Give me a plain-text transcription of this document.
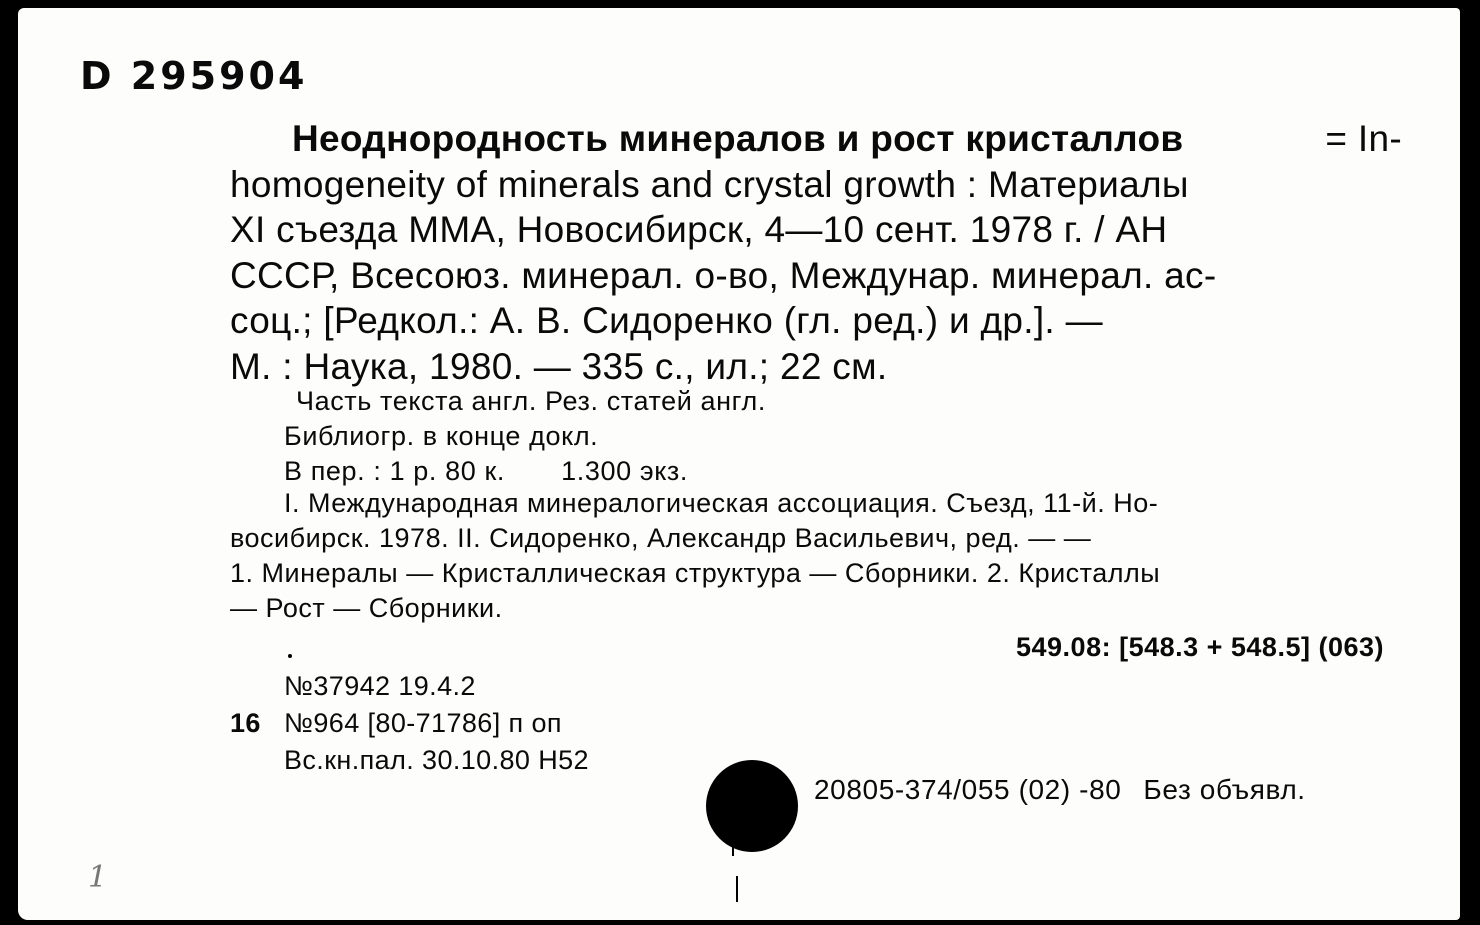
D 295904
Неоднородность минералов и рост кристаллов	= In-
homogeneity of minerals and crystal growth : Материалы
XI съезда ММА, Новосибирск, 4—10 сент. 1978 г. / АН
СССР, Всесоюз. минерал. о-во, Междунар. минерал. ас-
соц.; [Редкол.: А. В. Сидоренко (гл. ред.) и др.]. —
М. : Наука, 1980. — 335 с., ил.; 22 см.
Часть текста англ. Рез. статей англ.
Библиогр. в конце докл.
В пер. : 1 р. 80 к. 1.300 экз.
I. Международная минералогическая ассоциация. Съезд, 11-й. Но-
восибирск. 1978. II. Сидоренко, Александр Васильевич, ред. — —
1. Минералы — Кристаллическая структура — Сборники. 2. Кристаллы
— Рост — Сборники.
549.08: [548.3 + 548.5] (063)
№37942 19.4.2
16 №964 [80-71786] п оп
Вс.кн.пал. 30.10.80 Н52
20805-374/055 (02) -80 Без объявл.
1
